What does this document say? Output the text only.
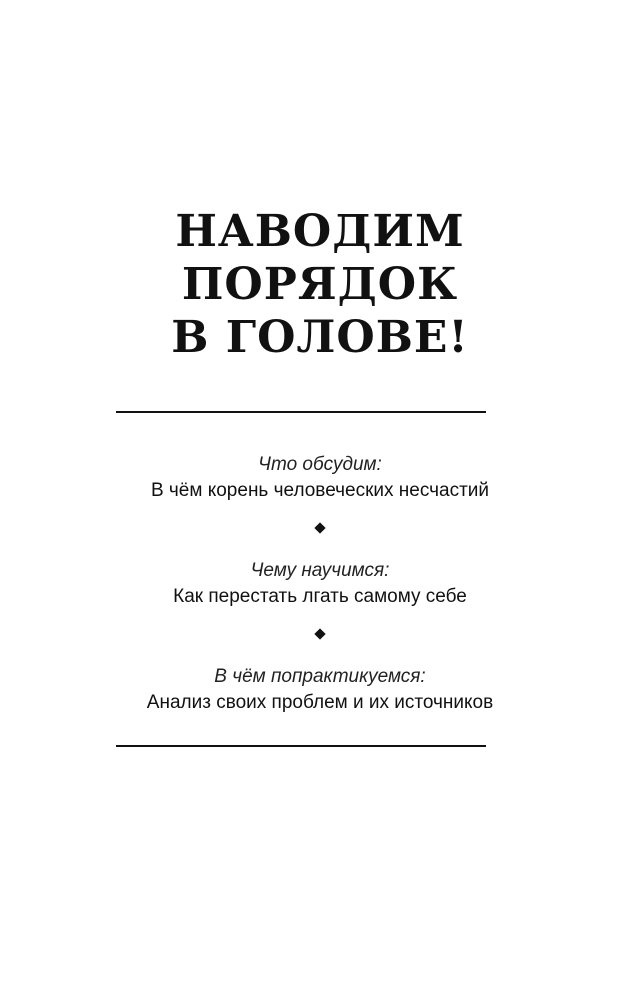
НАВОДИМ
ПОРЯДОК
В ГОЛОВЕ!
Что обсудим:
В чём корень человеческих несчастий
Чему научимся:
Как перестать лгать самому себе
В чём попрактикуемся:
Анализ своих проблем и их источников
